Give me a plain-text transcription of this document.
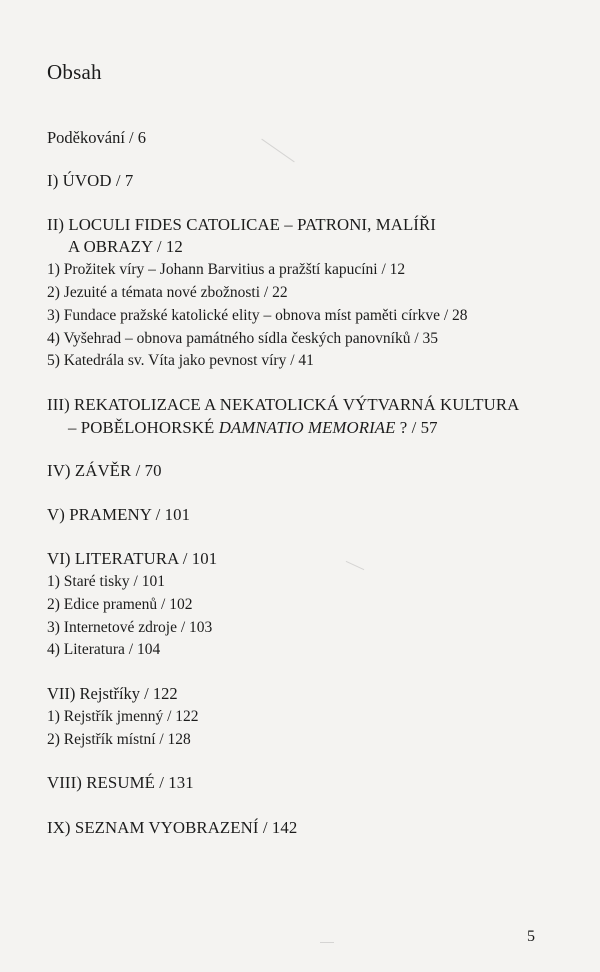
Obsah
Poděkování / 6
I) ÚVOD / 7
II) LOCULI FIDES CATOLICAE – PATRONI, MALÍŘI
A OBRAZY / 12
1) Prožitek víry – Johann Barvitius a pražští kapucíni / 12
2) Jezuité a témata nové zbožnosti / 22
3) Fundace pražské katolické elity – obnova míst paměti církve / 28
4) Vyšehrad – obnova památného sídla českých panovníků / 35
5) Katedrála sv. Víta jako pevnost víry / 41
III) REKATOLIZACE A NEKATOLICKÁ VÝTVARNÁ KULTURA
– POBĚLOHORSKÉ DAMNATIO MEMORIAE ? / 57
IV) ZÁVĚR / 70
V) PRAMENY / 101
VI) LITERATURA / 101
1) Staré tisky / 101
2) Edice pramenů / 102
3) Internetové zdroje / 103
4) Literatura / 104
VII) Rejstříky / 122
1) Rejstřík jmenný / 122
2) Rejstřík místní / 128
VIII) RESUMÉ / 131
IX) SEZNAM VYOBRAZENÍ / 142
5
